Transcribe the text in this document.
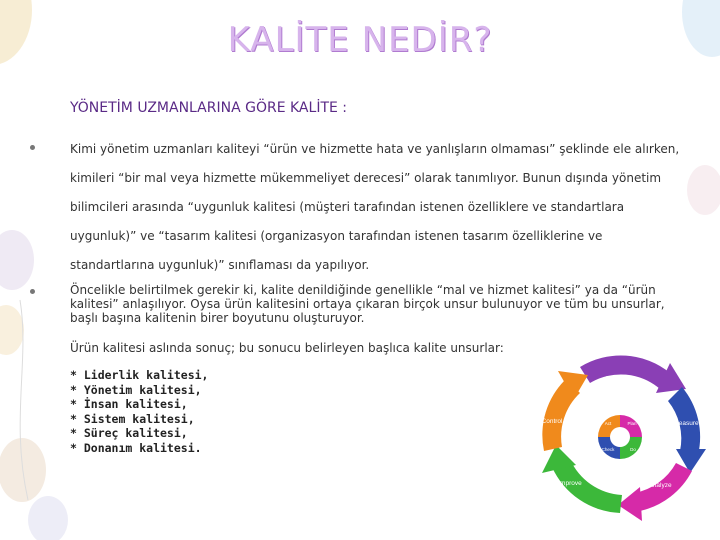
KALİTE NEDİR?
YÖNETİM UZMANLARINA GÖRE KALİTE :
Kimi yönetim uzmanları kaliteyi “ürün ve hizmette hata ve yanlışların olmaması” şeklinde ele alırken, kimileri “bir mal veya hizmette mükemmeliyet derecesi” olarak tanımlıyor. Bunun dışında yönetim bilimcileri arasında “uygunluk kalitesi (müşteri tarafından istenen özelliklere ve standartlara uygunluk)” ve “tasarım kalitesi (organizasyon tarafından istenen tasarım özelliklerine ve standartlarına uygunluk)” sınıflaması da yapılıyor.
Öncelikle belirtilmek gerekir ki, kalite denildiğinde genellikle “mal ve hizmet kalitesi” ya da “ürün kalitesi” anlaşılıyor. Oysa ürün kalitesini ortaya çıkaran birçok unsur bulunuyor ve tüm bu unsurlar, başlı başına kalitenin birer boyutunu oluşturuyor.
Ürün kalitesi aslında sonuç; bu sonucu belirleyen başlıca kalite unsurlar:
* Liderlik kalitesi,
* Yönetim kalitesi,
* İnsan kalitesi,
* Sistem kalitesi,
* Süreç kalitesi,
* Donanım kalitesi.
Define
Measure
Analyze
Improve
Control	Plan
Do
Check
Act
